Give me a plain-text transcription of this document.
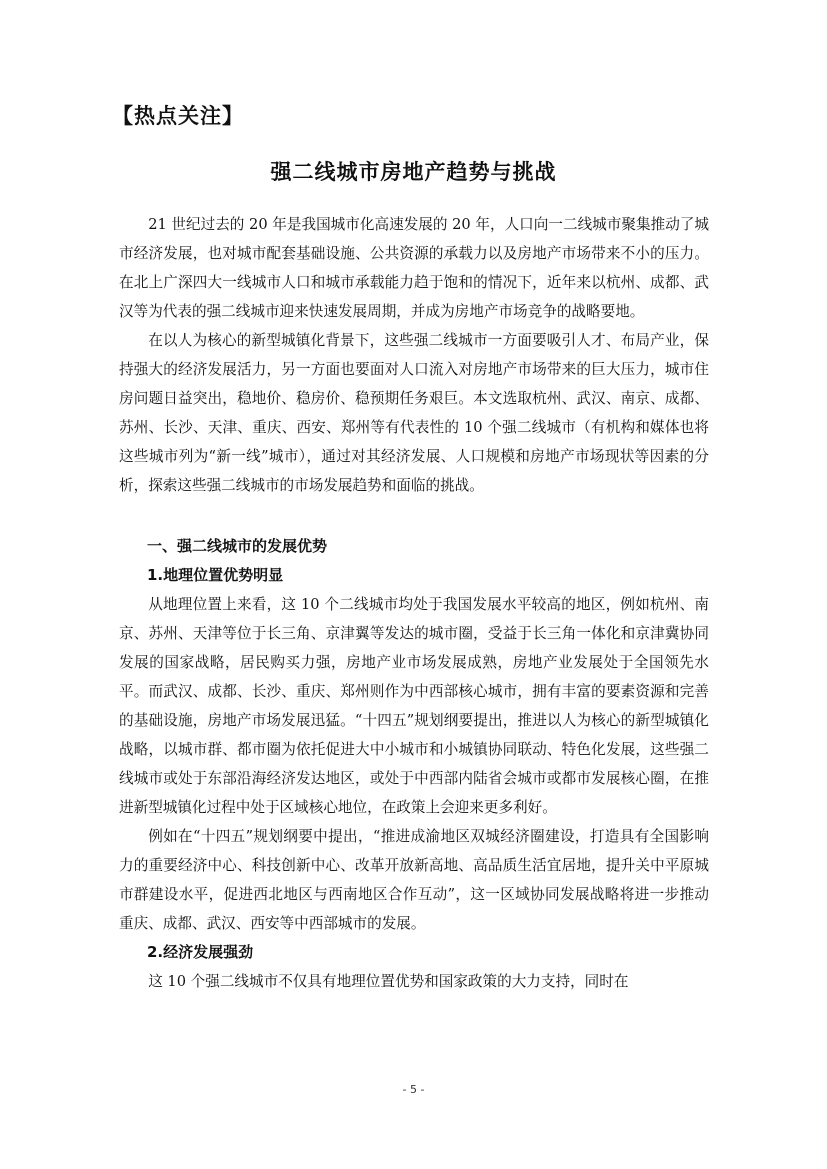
【热点关注】
强二线城市房地产趋势与挑战

21 世纪过去的 20 年是我国城市化高速发展的 20 年，人口向一二线城市聚集推动了城市经济发展，也对城市配套基础设施、公共资源的承载力以及房地产市场带来不小的压力。在北上广深四大一线城市人口和城市承载能力趋于饱和的情况下，近年来以杭州、成都、武汉等为代表的强二线城市迎来快速发展周期，并成为房地产市场竞争的战略要地。

在以人为核心的新型城镇化背景下，这些强二线城市一方面要吸引人才、布局产业，保持强大的经济发展活力，另一方面也要面对人口流入对房地产市场带来的巨大压力，城市住房问题日益突出，稳地价、稳房价、稳预期任务艰巨。本文选取杭州、武汉、南京、成都、苏州、长沙、天津、重庆、西安、郑州等有代表性的 10 个强二线城市（有机构和媒体也将这些城市列为“新一线”城市），通过对其经济发展、人口规模和房地产市场现状等因素的分析，探索这些强二线城市的市场发展趋势和面临的挑战。

一、强二线城市的发展优势
1.地理位置优势明显

从地理位置上来看，这 10 个二线城市均处于我国发展水平较高的地区，例如杭州、南京、苏州、天津等位于长三角、京津翼等发达的城市圈，受益于长三角一体化和京津冀协同发展的国家战略，居民购买力强，房地产业市场发展成熟，房地产业发展处于全国领先水平。而武汉、成都、长沙、重庆、郑州则作为中西部核心城市，拥有丰富的要素资源和完善的基础设施，房地产市场发展迅猛。“十四五”规划纲要提出，推进以人为核心的新型城镇化战略，以城市群、都市圈为依托促进大中小城市和小城镇协同联动、特色化发展，这些强二线城市或处于东部沿海经济发达地区，或处于中西部内陆省会城市或都市发展核心圈，在推进新型城镇化过程中处于区域核心地位，在政策上会迎来更多利好。

例如在“十四五”规划纲要中提出，“推进成渝地区双城经济圈建设，打造具有全国影响力的重要经济中心、科技创新中心、改革开放新高地、高品质生活宜居地，提升关中平原城市群建设水平，促进西北地区与西南地区合作互动”，这一区域协同发展战略将进一步推动重庆、成都、武汉、西安等中西部城市的发展。

2.经济发展强劲

这 10 个强二线城市不仅具有地理位置优势和国家政策的大力支持，同时在

- 5 -
